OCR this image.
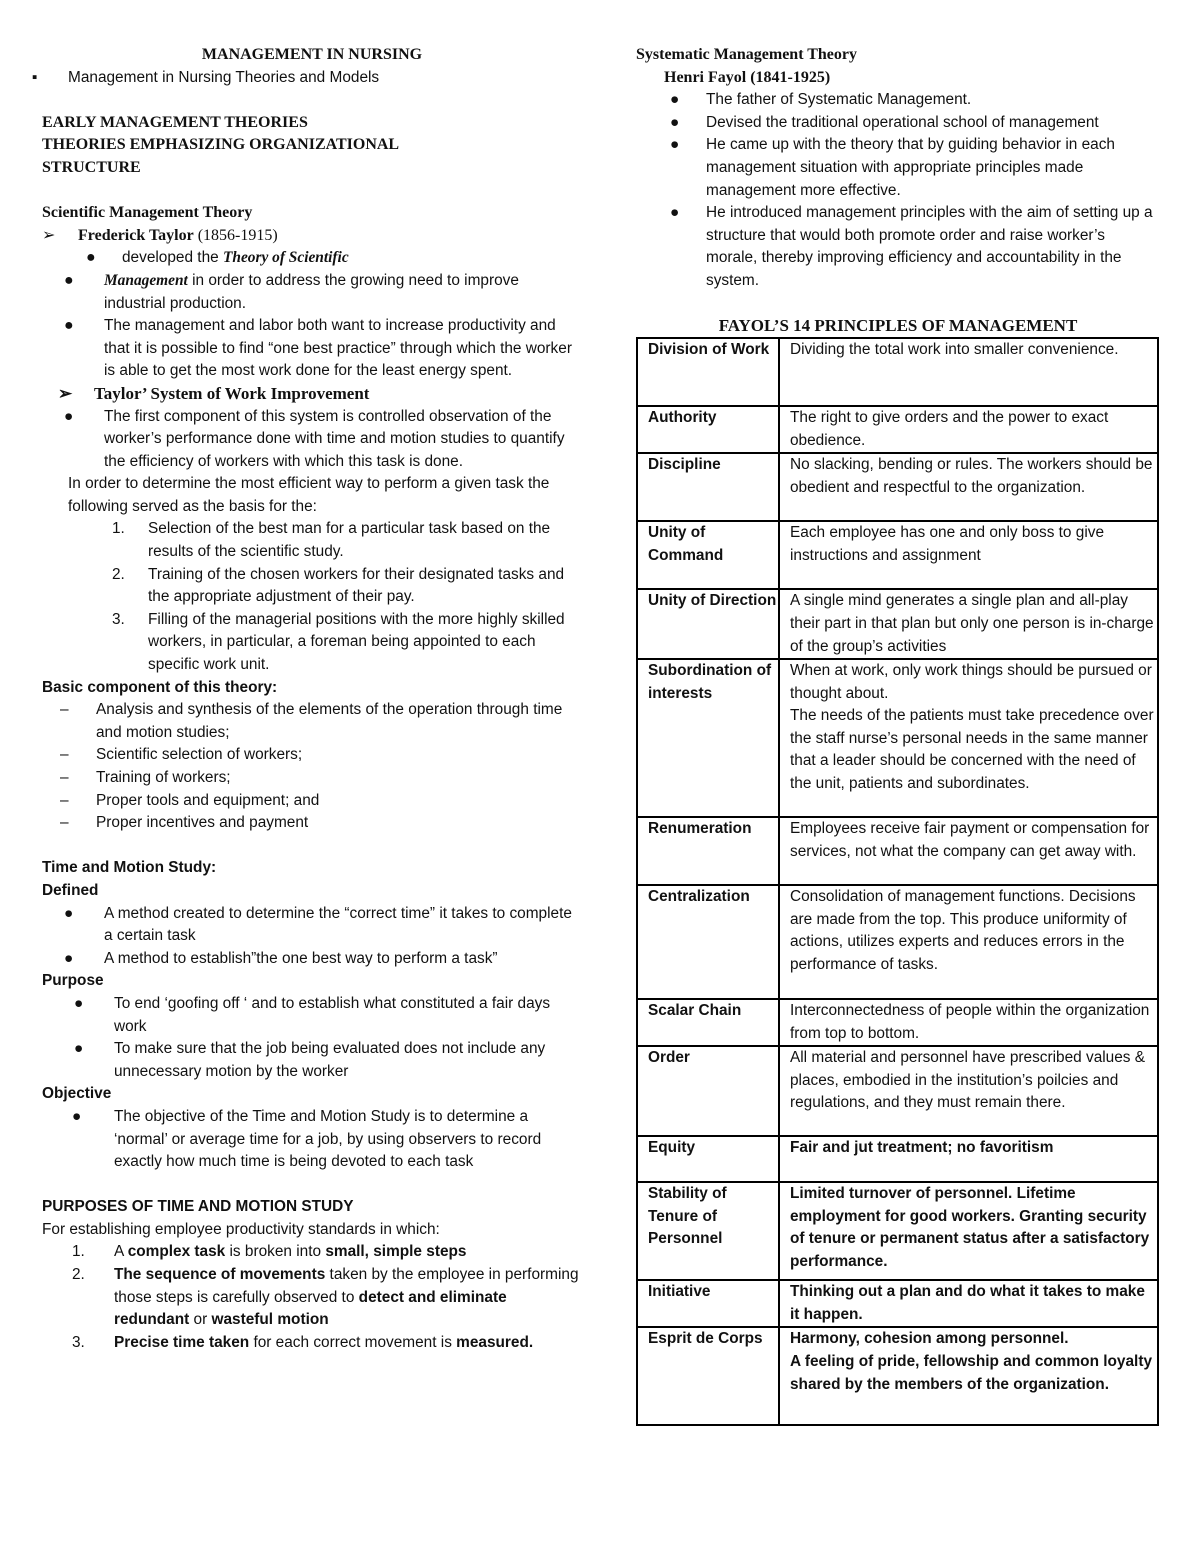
MANAGEMENT IN NURSING

▪	Management in Nursing Theories and Models

EARLY MANAGEMENT THEORIES

THEORIES EMPHASIZING ORGANIZATIONAL

STRUCTURE

Scientific Management Theory

➢	Frederick Taylor (1856-1915)
●	developed the Theory of Scientific
●	Management in order to address the growing need to improve industrial production.
●	The management and labor both want to increase productivity and that it is possible to find “one best practice” through which the worker is able to get the most work done for the least energy spent.
➢	Taylor’ System of Work Improvement
●	The first component of this system is controlled observation of the worker’s performance done with time and motion studies to quantify the efficiency of workers with which this task is done.

In order to determine the most efficient way to perform a given task the following served as the basis for the:

1.	Selection of the best man for a particular task based on the results of the scientific study.
2.	Training of the chosen workers for their designated tasks and the appropriate adjustment of their pay.
3.	Filling of the managerial positions with the more highly skilled workers, in particular, a foreman being appointed to each specific work unit.

Basic component of this theory:

–	Analysis and synthesis of the elements of the operation through time and motion studies;
–	Scientific selection of workers;
–	Training of workers;
–	Proper tools and equipment; and
–	Proper incentives and payment

Time and Motion Study:

Defined

●	A method created to determine the “correct time” it takes to complete a certain task
●	A method to establish”the one best way to perform a task”

Purpose

●	To end ‘goofing off ‘ and to establish what constituted a fair days work
●	To make sure that the job being evaluated does not include any unnecessary motion by the worker

Objective

●	The objective of the Time and Motion Study is to determine a ‘normal’ or average time for a job, by using observers to record exactly how much time is being devoted to each task

PURPOSES OF TIME AND MOTION STUDY

For establishing employee productivity standards in which:

1.	A complex task is broken into small, simple steps
2.	The sequence of movements taken by the employee in performing those steps is carefully observed to detect and eliminate redundant or wasteful motion
3.	Precise time taken for each correct movement is measured.

Systematic Management Theory

Henri Fayol (1841-1925)

●	The father of Systematic Management.
●	Devised the traditional operational school of management
●	He came up with the theory that by guiding behavior in each management situation with appropriate principles made management more effective.
●	He introduced management principles with the aim of setting up a structure that would both promote order and raise worker’s morale, thereby improving efficiency and accountability in the system.

FAYOL’S 14 PRINCIPLES OF MANAGEMENT

Division of Work	Dividing the total work into smaller convenience.

Authority	The right to give orders and the power to exact obedience.

Discipline	No slacking, bending or rules. The workers should be obedient and respectful to the organization.

Unity of Command	Each employee has one and only boss to give instructions and assignment

Unity of Direction	A single mind generates a single plan and all-play their part in that plan but only one person is in-charge of the group’s activities

Subordination of interests	When at work, only work things should be pursued or thought about.
The needs of the patients must take precedence over the staff nurse’s personal needs in the same manner that a leader should be concerned with the need of the unit, patients and subordinates.

Renumeration	Employees receive fair payment or compensation for services, not what the company can get away with.

Centralization	Consolidation of management functions. Decisions are made from the top. This produce uniformity of actions, utilizes experts and reduces errors in the performance of tasks.

Scalar Chain	Interconnectedness of people within the organization from top to bottom.

Order	All material and personnel have prescribed values & places, embodied in the institution’s poilcies and regulations, and they must remain there.

Equity	Fair and jut treatment; no favoritism

Stability of Tenure of Personnel	Limited turnover of personnel. Lifetime employment for good workers. Granting security of tenure or permanent status after a satisfactory performance.

Initiative	Thinking out a plan and do what it takes to make it happen.

Esprit de Corps	Harmony, cohesion among personnel.
A feeling of pride, fellowship and common loyalty shared by the members of the organization.
